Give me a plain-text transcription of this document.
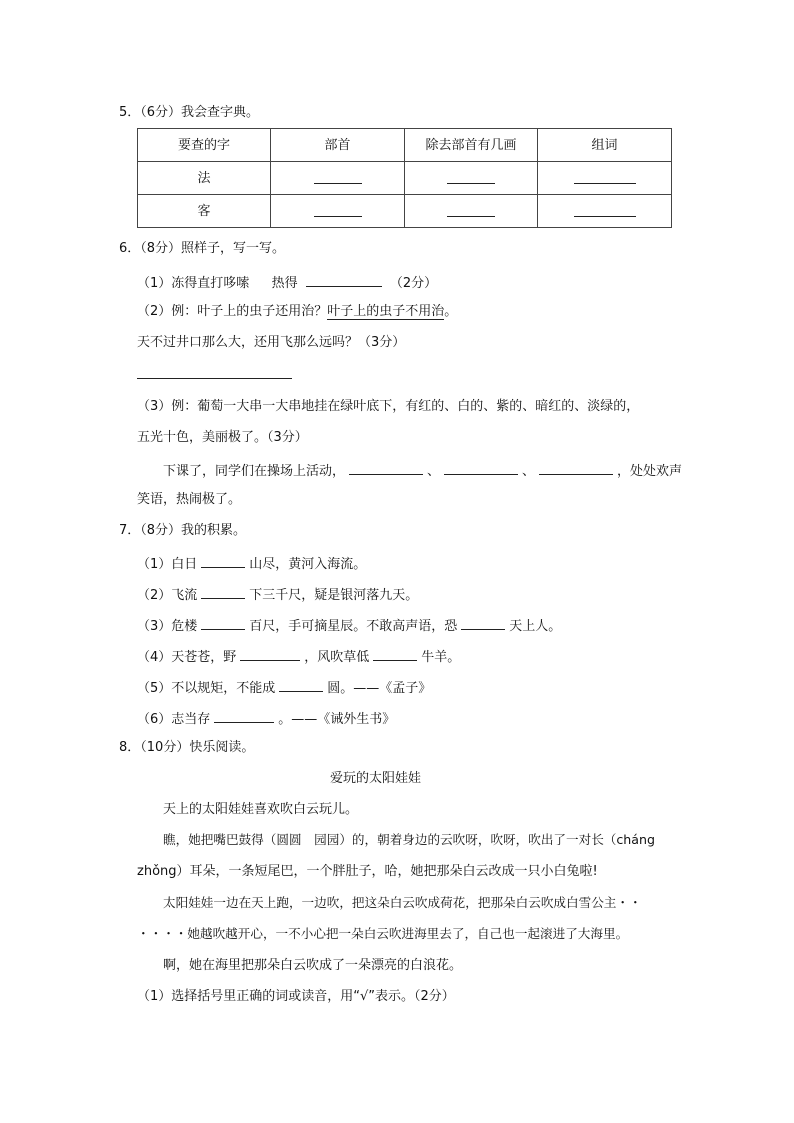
5．（6分）我会查字典。
要查的字	部首	除去部首有几画	组词
法			
客			
6．（8分）照样子，写一写。
（1）冻得直打哆嗦 热得	（2分）
（2）例：叶子上的虫子还用治？叶子上的虫子不用治。
天不过井口那么大，还用飞那么远吗？（3分）
（3）例：葡萄一大串一大串地挂在绿叶底下，有红的、白的、紫的、暗红的、淡绿的，
五光十色，美丽极了。（3分）
下课了，同学们在操场上活动，	、	、	，处处欢声
笑语，热闹极了。
7．（8分）我的积累。
（1）白日	山尽，黄河入海流。
（2）飞流	下三千尺，疑是银河落九天。
（3）危楼	百尺，手可摘星辰。不敢高声语，恐	天上人。
（4）天苍苍，野	，风吹草低	牛羊。
（5）不以规矩，不能成	圆。——《孟子》
（6）志当存	。——《诫外生书》
8．（10分）快乐阅读。
爱玩的太阳娃娃
天上的太阳娃娃喜欢吹白云玩儿。
瞧，她把嘴巴鼓得（圆圆　园园）的，朝着身边的云吹呀，吹呀，吹出了一对长（cháng
zhǒng）耳朵，一条短尾巴，一个胖肚子，哈，她把那朵白云改成一只小白兔啦!
太阳娃娃一边在天上跑，一边吹，把这朵白云吹成荷花，把那朵白云吹成白雪公主・・
・・・・她越吹越开心，一不小心把一朵白云吹进海里去了，自己也一起滚进了大海里。
啊，她在海里把那朵白云吹成了一朵漂亮的白浪花。
（1）选择括号里正确的词或读音，用“√”表示。（2分）
